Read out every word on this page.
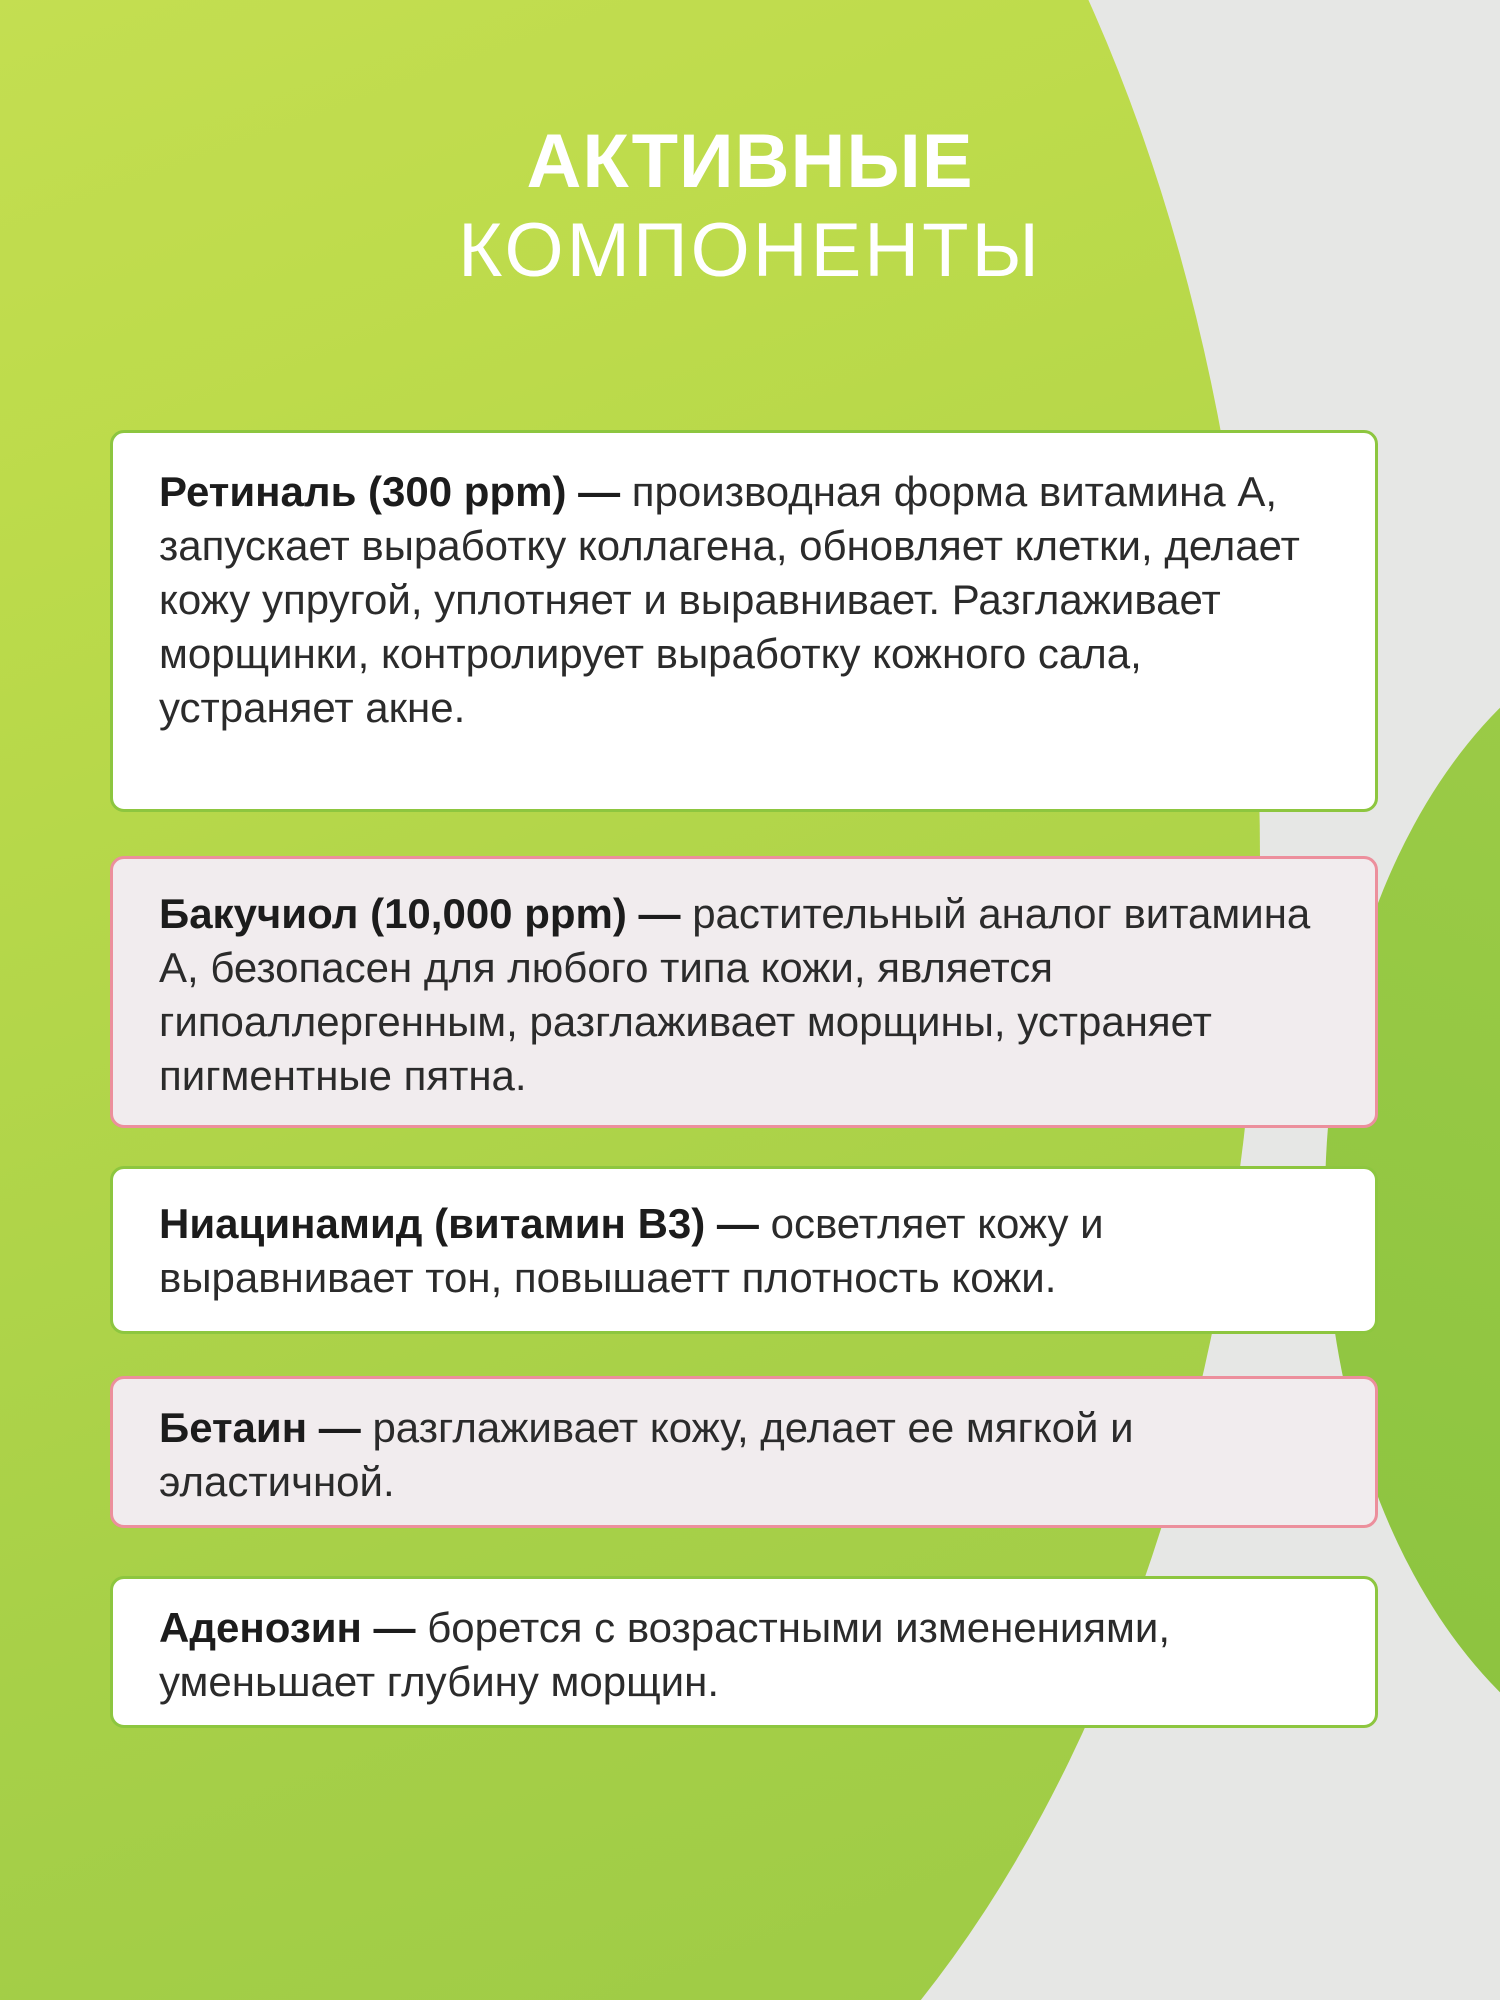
АКТИВНЫЕ
КОМПОНЕНТЫ

Ретиналь (300 ppm) — производная форма витамина А, запускает выработку коллагена, обновляет клетки, делает кожу упругой, уплотняет и выравнивает. Разглаживает морщинки, контролирует выработку кожного сала, устраняет акне.

Бакучиол (10,000 ppm) — растительный аналог витамина А, безопасен для любого типа кожи, является гипоаллергенным, разглаживает морщины, устраняет пигментные пятна.

Ниацинамид (витамин В3) — осветляет кожу и выравнивает тон, повышаетт плотность кожи.

Бетаин — разглаживает кожу, делает ее мягкой и эластичной.

Аденозин — борется с возрастными изменениями, уменьшает глубину морщин.
